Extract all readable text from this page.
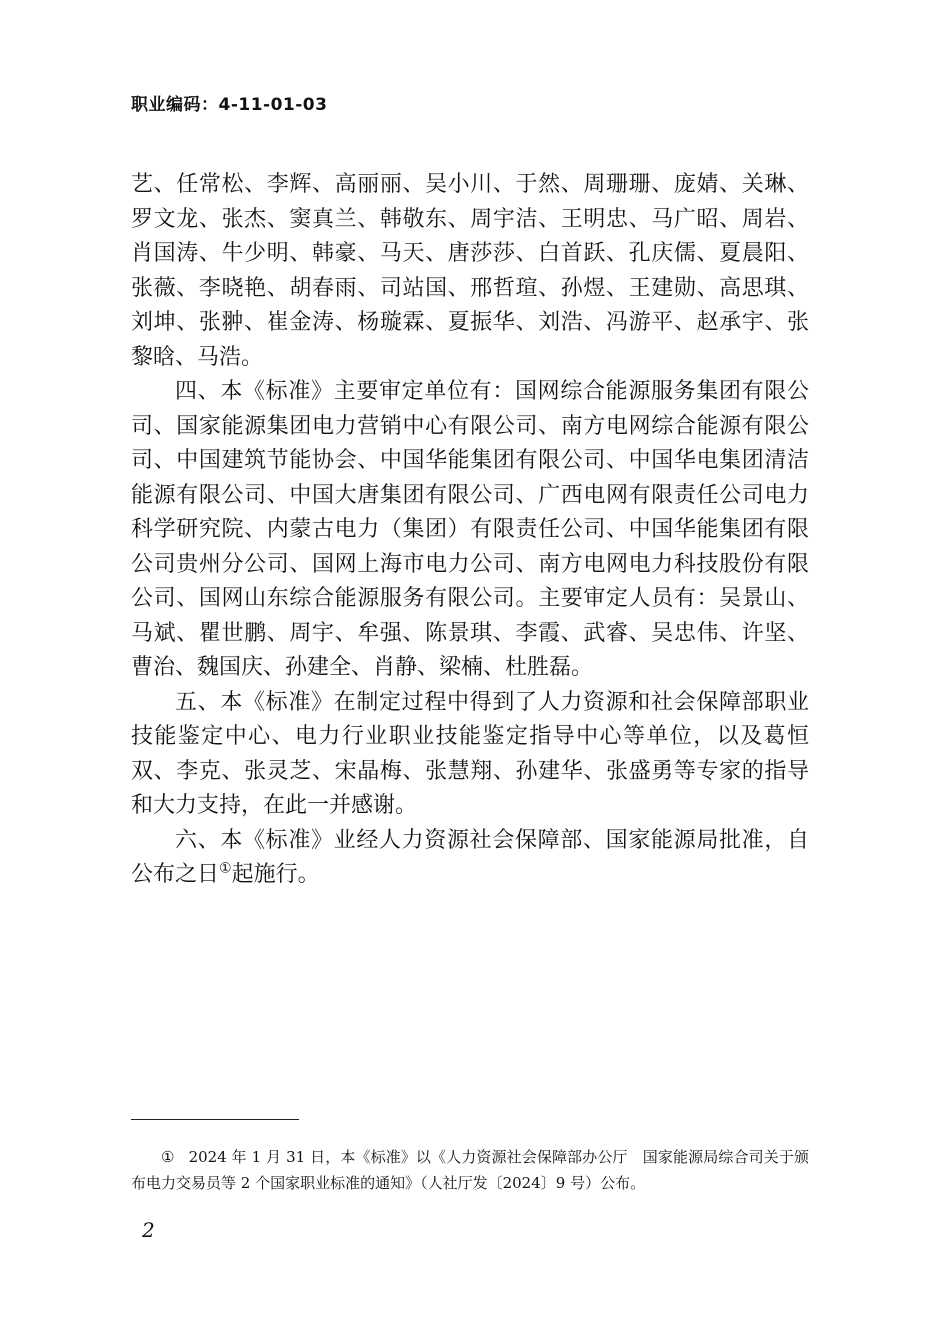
职业编码：4-11-01-03

艺、任常松、李辉、高丽丽、吴小川、于然、周珊珊、庞婧、关琳、罗文龙、张杰、窦真兰、韩敬东、周宇洁、王明忠、马广昭、周岩、肖国涛、牛少明、韩豪、马天、唐莎莎、白首跃、孔庆儒、夏晨阳、张薇、李晓艳、胡春雨、司站国、邢哲瑄、孙煜、王建勋、高思琪、刘坤、张翀、崔金涛、杨璇霖、夏振华、刘浩、冯游平、赵承宇、张黎晗、马浩。

四、本《标准》主要审定单位有：国网综合能源服务集团有限公司、国家能源集团电力营销中心有限公司、南方电网综合能源有限公司、中国建筑节能协会、中国华能集团有限公司、中国华电集团清洁能源有限公司、中国大唐集团有限公司、广西电网有限责任公司电力科学研究院、内蒙古电力（集团）有限责任公司、中国华能集团有限公司贵州分公司、国网上海市电力公司、南方电网电力科技股份有限公司、国网山东综合能源服务有限公司。主要审定人员有：吴景山、马斌、瞿世鹏、周宇、牟强、陈景琪、李霞、武睿、吴忠伟、许坚、曹治、魏国庆、孙建全、肖静、梁楠、杜胜磊。

五、本《标准》在制定过程中得到了人力资源和社会保障部职业技能鉴定中心、电力行业职业技能鉴定指导中心等单位，以及葛恒双、李克、张灵芝、宋晶梅、张慧翔、孙建华、张盛勇等专家的指导和大力支持，在此一并感谢。

六、本《标准》业经人力资源社会保障部、国家能源局批准，自公布之日①起施行。

① 2024 年 1 月 31 日，本《标准》以《人力资源社会保障部办公厅　国家能源局综合司关于颁布电力交易员等 2 个国家职业标准的通知》（人社厅发〔2024〕9 号）公布。

2
